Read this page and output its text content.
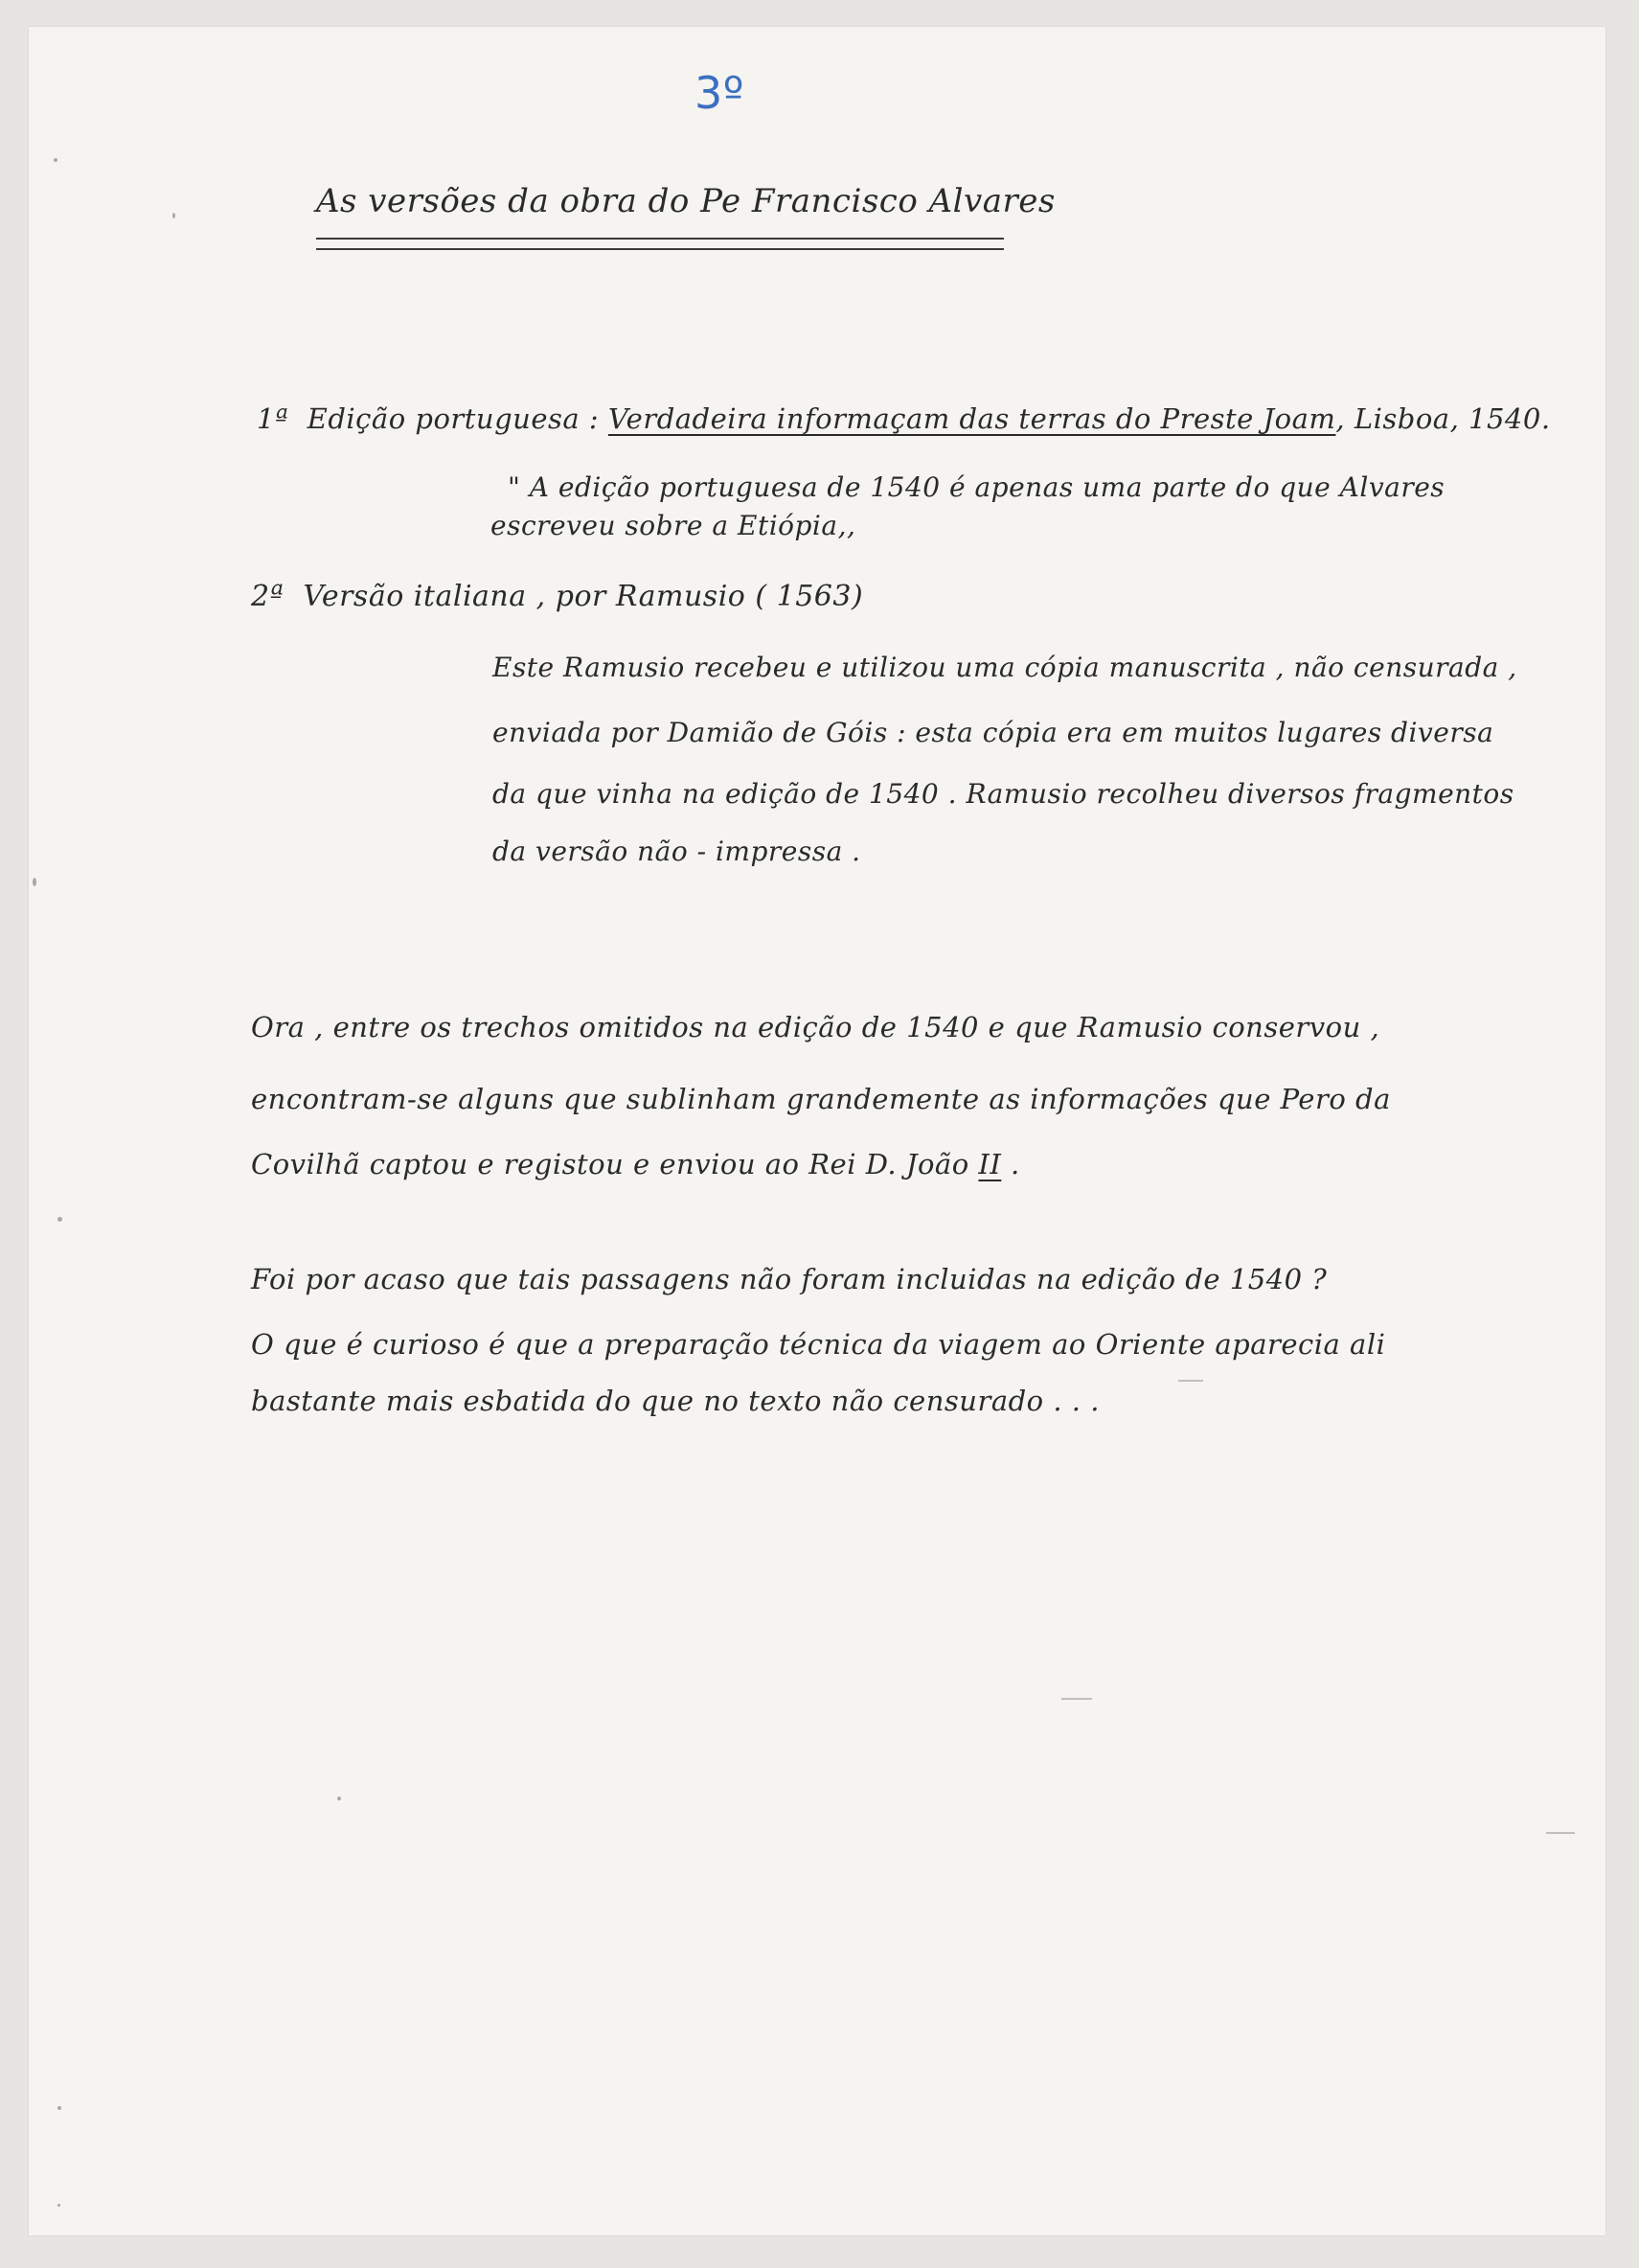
3º
As versões da obra do Pe Francisco Alvares
1ª Edição portuguesa : Verdadeira informaçam das terras do Preste Joam, Lisboa, 1540.
" A edição portuguesa de 1540 é apenas uma parte do que Alvares
escreveu sobre a Etiópia,,
2ª Versão italiana , por Ramusio ( 1563)
Este Ramusio recebeu e utilizou uma cópia manuscrita , não censurada ,
enviada por Damião de Góis : esta cópia era em muitos lugares diversa
da que vinha na edição de 1540 . Ramusio recolheu diversos fragmentos
da versão não - impressa .
Ora , entre os trechos omitidos na edição de 1540 e que Ramusio conservou ,
encontram-se alguns que sublinham grandemente as informações que Pero da
Covilhã captou e registou e enviou ao Rei D. João II .
Foi por acaso que tais passagens não foram incluidas na edição de 1540 ?
O que é curioso é que a preparação técnica da viagem ao Oriente aparecia ali
bastante mais esbatida do que no texto não censurado . . .
